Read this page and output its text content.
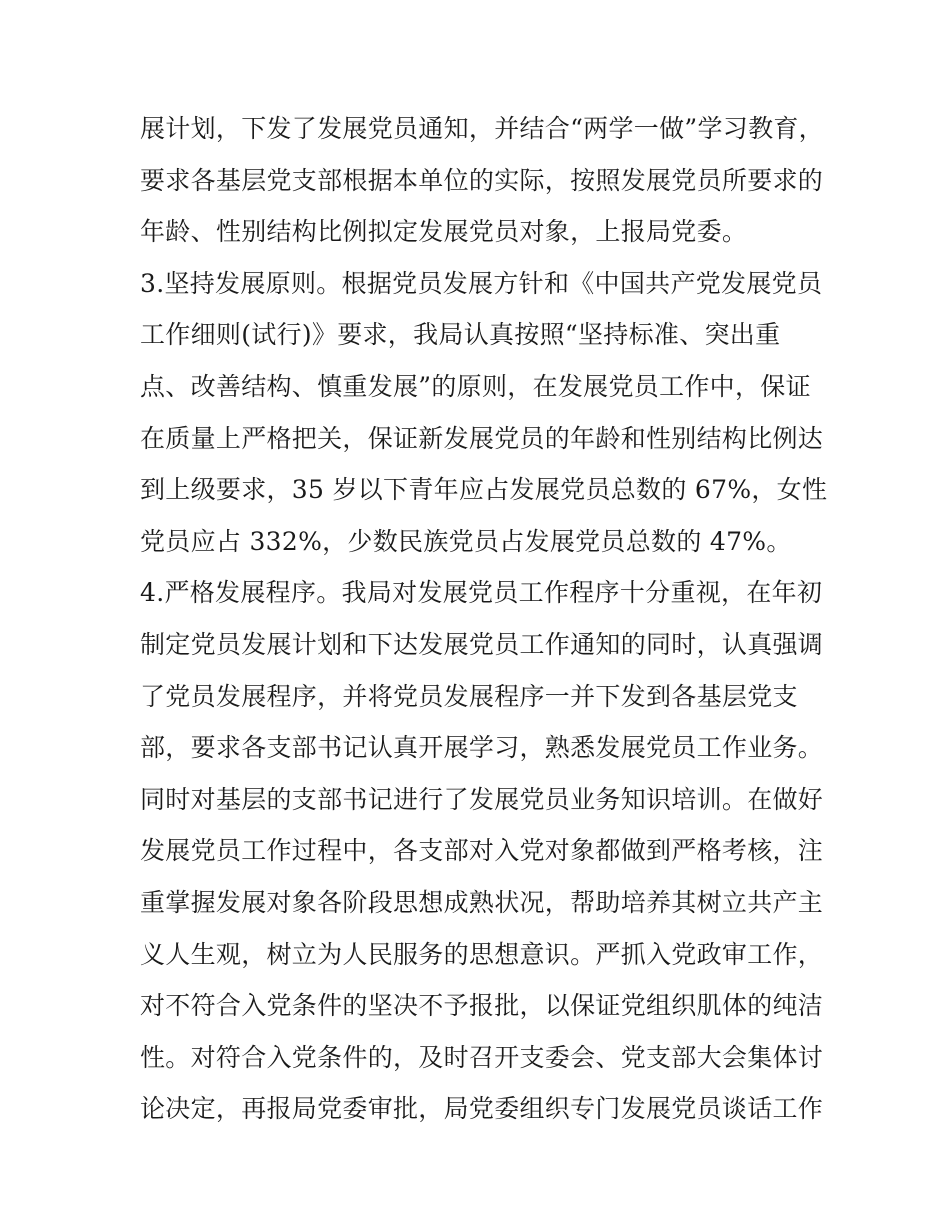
展计划，下发了发展党员通知，并结合“两学一做”学习教育，
要求各基层党支部根据本单位的实际，按照发展党员所要求的
年龄、性别结构比例拟定发展党员对象，上报局党委。
3.坚持发展原则。根据党员发展方针和《中国共产党发展党员
工作细则(试行)》要求，我局认真按照“坚持标准、突出重
点、改善结构、慎重发展”的原则，在发展党员工作中，保证
在质量上严格把关，保证新发展党员的年龄和性别结构比例达
到上级要求，35 岁以下青年应占发展党员总数的 67%，女性
党员应占 332%，少数民族党员占发展党员总数的 47%。
4.严格发展程序。我局对发展党员工作程序十分重视，在年初
制定党员发展计划和下达发展党员工作通知的同时，认真强调
了党员发展程序，并将党员发展程序一并下发到各基层党支
部，要求各支部书记认真开展学习，熟悉发展党员工作业务。
同时对基层的支部书记进行了发展党员业务知识培训。在做好
发展党员工作过程中，各支部对入党对象都做到严格考核，注
重掌握发展对象各阶段思想成熟状况，帮助培养其树立共产主
义人生观，树立为人民服务的思想意识。严抓入党政审工作，
对不符合入党条件的坚决不予报批，以保证党组织肌体的纯洁
性。对符合入党条件的，及时召开支委会、党支部大会集体讨
论决定，再报局党委审批，局党委组织专门发展党员谈话工作
